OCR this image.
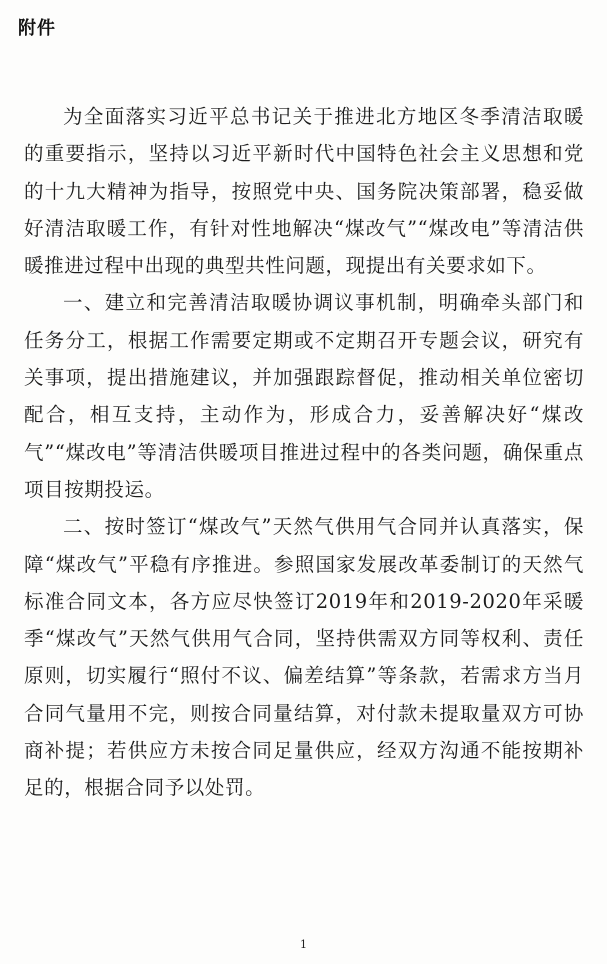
附件

为全面落实习近平总书记关于推进北方地区冬季清洁取暖的重要指示，坚持以习近平新时代中国特色社会主义思想和党的十九大精神为指导，按照党中央、国务院决策部署，稳妥做好清洁取暖工作，有针对性地解决“煤改气”“煤改电”等清洁供暖推进过程中出现的典型共性问题，现提出有关要求如下。

一、建立和完善清洁取暖协调议事机制，明确牵头部门和任务分工，根据工作需要定期或不定期召开专题会议，研究有关事项，提出措施建议，并加强跟踪督促，推动相关单位密切配合，相互支持，主动作为，形成合力，妥善解决好“煤改气”“煤改电”等清洁供暖项目推进过程中的各类问题，确保重点项目按期投运。

二、按时签订“煤改气”天然气供用气合同并认真落实，保障“煤改气”平稳有序推进。参照国家发展改革委制订的天然气标准合同文本，各方应尽快签订2019年和2019-2020年采暖季“煤改气”天然气供用气合同，坚持供需双方同等权利、责任原则，切实履行“照付不议、偏差结算”等条款，若需求方当月合同气量用不完，则按合同量结算，对付款未提取量双方可协商补提；若供应方未按合同足量供应，经双方沟通不能按期补足的，根据合同予以处罚。

1
